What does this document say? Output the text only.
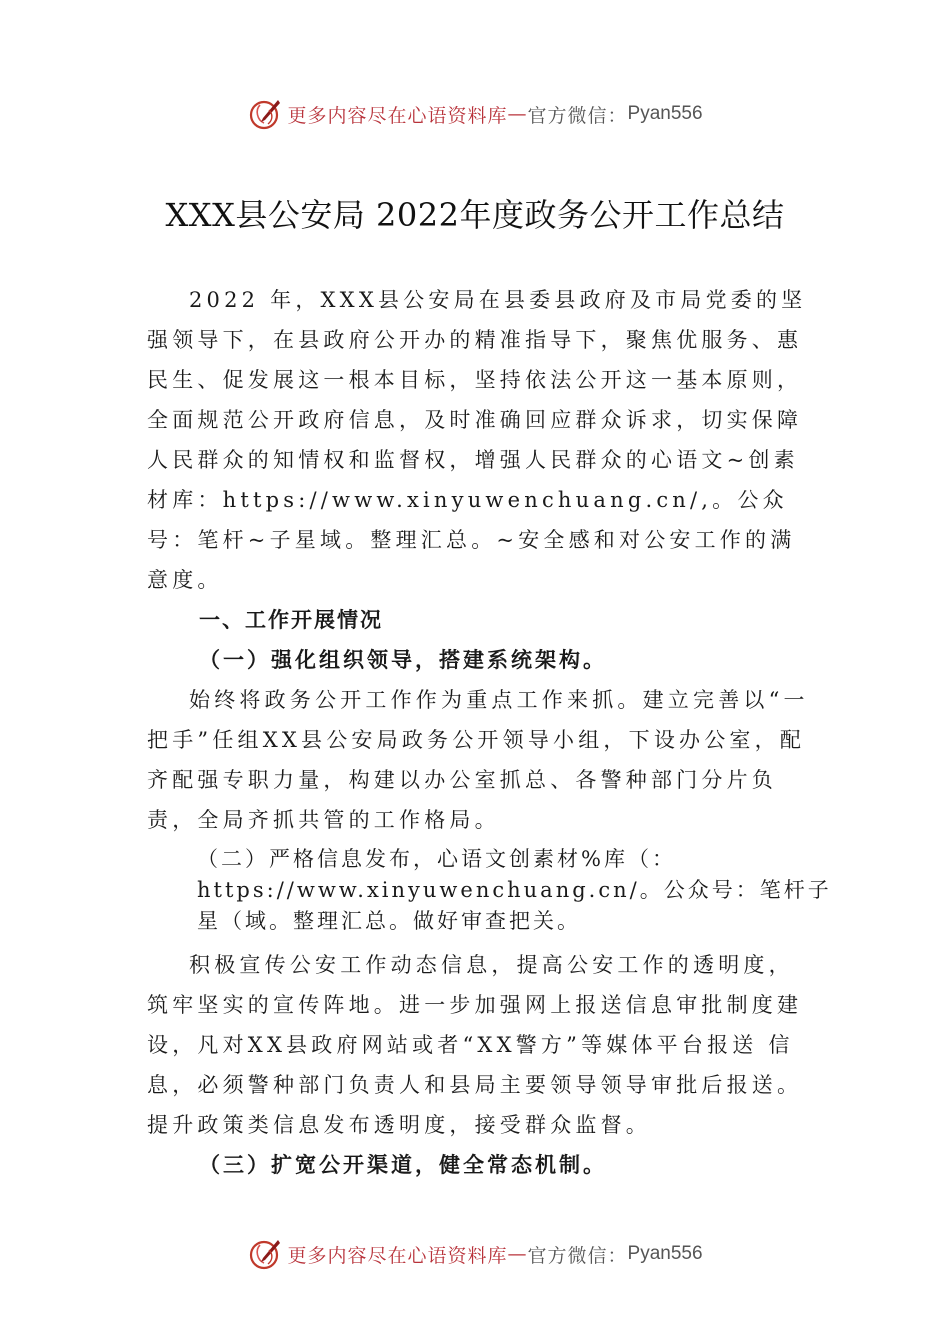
更多内容尽在心语资料库 — 官方微信 ： Pyan556
XXX县公安局 2022年度政务公开工作总结

2022 年，XXX县公安局在县委县政府及市局党委的坚强领导下，在县政府公开办的精准指导下，聚焦优服务、惠民生、促发展这一根本目标，坚持依法公开这一基本原则，全面规范公开政府信息，及时准确回应群众诉求，切实保障人民群众的知情权和监督权，增强人民群众的心语文~创素材库：https://www.xinyuwenchuang.cn/,。公众号：笔杆~子星域。整理汇总。~安全感和对公安工作的满意度。

一、工作开展情况

（一）强化组织领导，搭建系统架构。

始终将政务公开工作作为重点工作来抓。建立完善以“一把手”任组XX县公安局政务公开领导小组，下设办公室，配齐配强专职力量，构建以办公室抓总、各警种部门分片负责，全局齐抓共管的工作格局。

（二）严格信息发布，心语文创素材%库（：https://www.xinyuwenchuang.cn/。公众号：笔杆子星（域。整理汇总。做好审查把关。

积极宣传公安工作动态信息，提高公安工作的透明度，筑牢坚实的宣传阵地。进一步加强网上报送信息审批制度建设，凡对XX县政府网站或者“XX警方”等媒体平台报送 信息，必须警种部门负责人和县局主要领导领导审批后报送。提升政策类信息发布透明度，接受群众监督。

（三）扩宽公开渠道，健全常态机制。

更多内容尽在心语资料库 — 官方微信 ： Pyan556
